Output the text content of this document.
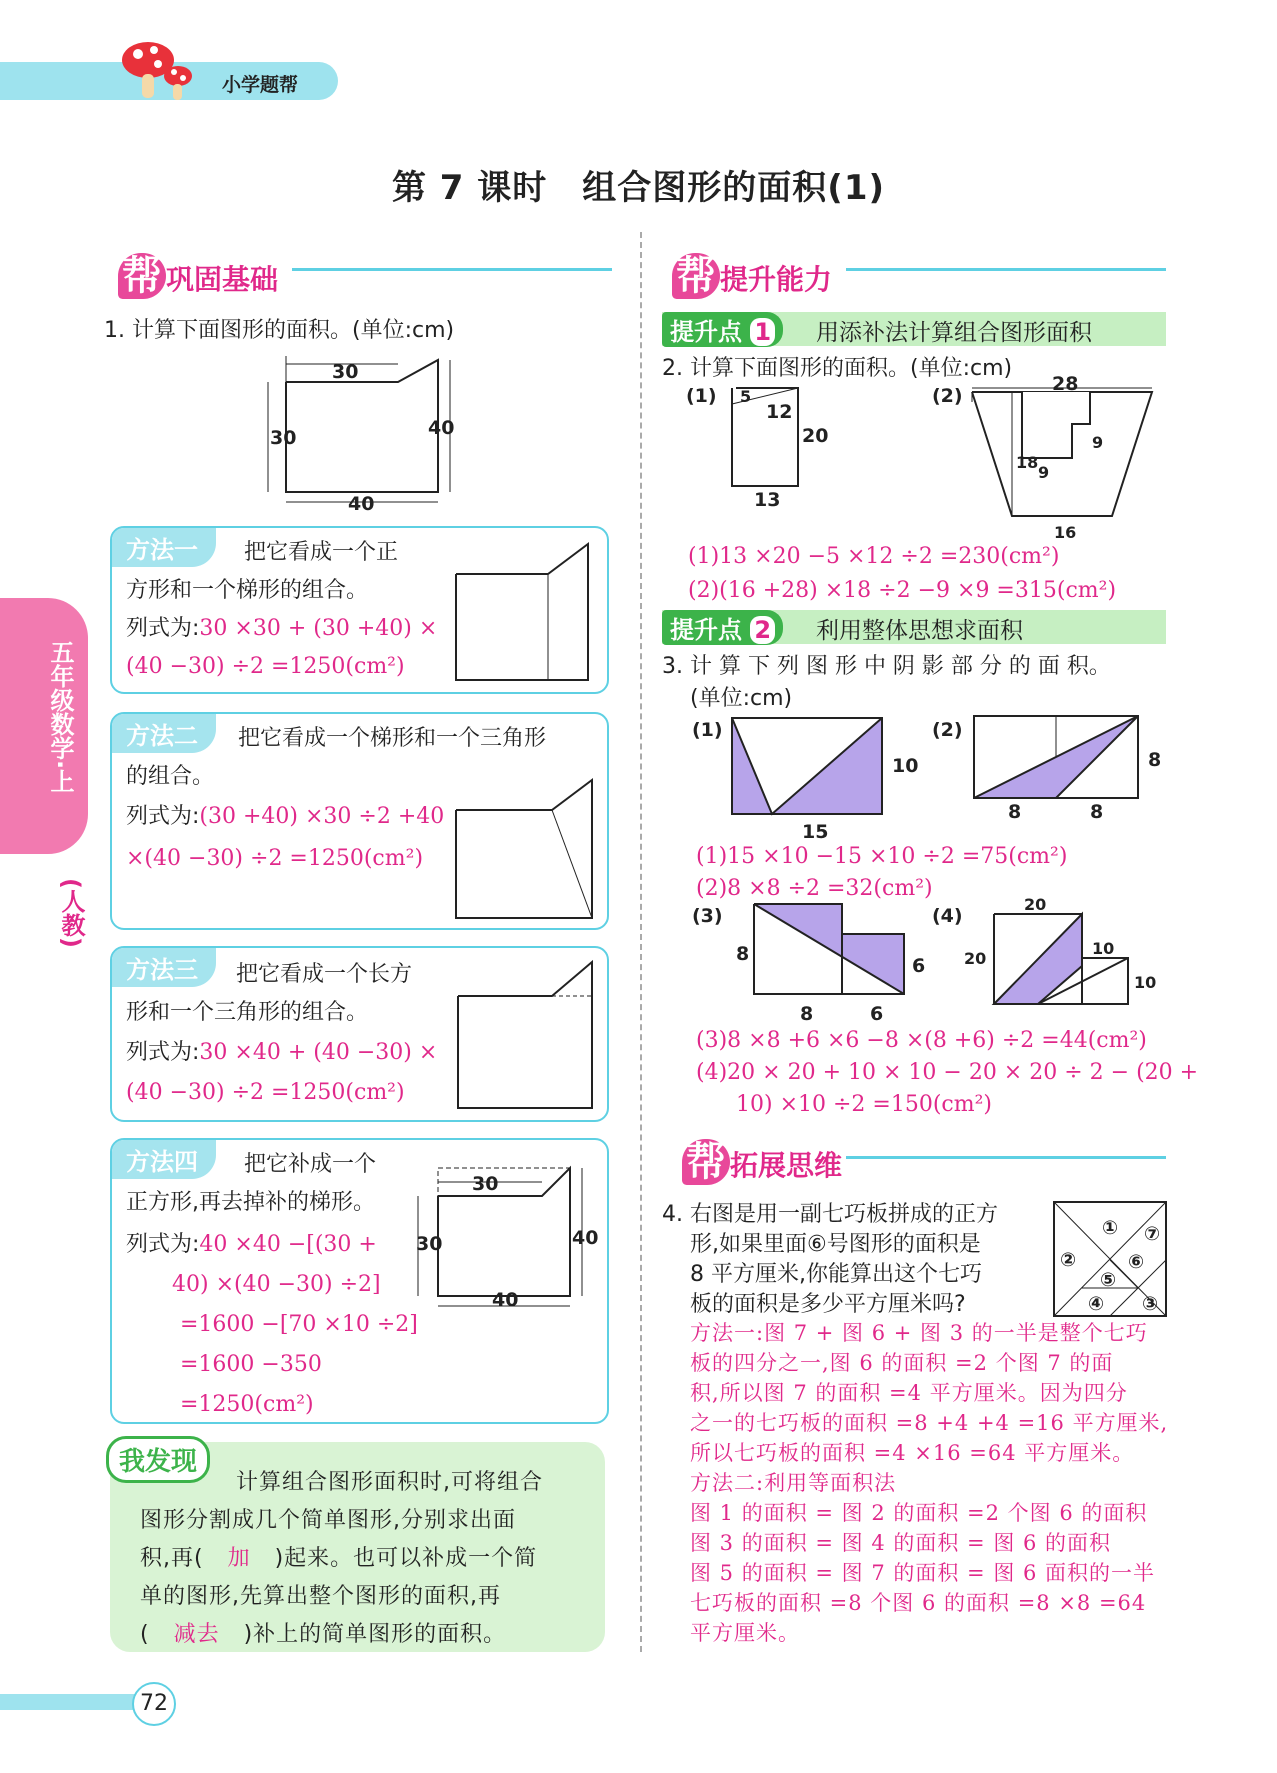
小学题帮
第 7 课时　组合图形的面积(1)
五年级数学·上
(人教)
帮 巩固基础
1. 计算下面图形的面积。(单位:cm)
30
30	40
40
方法一	把它看成一个正
方形和一个梯形的组合。
列式为:30 ×30 + (30 +40) ×
(40 −30) ÷2 =1250(cm²)
方法二	把它看成一个梯形和一个三角形
的组合。
列式为:(30 +40) ×30 ÷2 +40
×(40 −30) ÷2 =1250(cm²)
方法三	把它看成一个长方
形和一个三角形的组合。
列式为:30 ×40 + (40 −30) ×
(40 −30) ÷2 =1250(cm²)
方法四	把它补成一个
正方形,再去掉补的梯形。
列式为:40 ×40 −[(30 +
40) ×(40 −30) ÷2]
=1600 −[70 ×10 ÷2]
=1600 −350
=1250(cm²)
30
30	40
40
我发现
计算组合图形面积时,可将组合
图形分割成几个简单图形,分别求出面
积,再( 加 )起来。也可以补成一个简
单的图形,先算出整个图形的面积,再
( 减去 )补上的简单图形的面积。
帮 提升能力
提升点 1	用添补法计算组合图形面积
2. 计算下面图形的面积。(单位:cm)
(1) 5
12
20
13
(2)
28
18
9
9
16
(1)13 ×20 −5 ×12 ÷2 =230(cm²)
(2)(16 +28) ×18 ÷2 −9 ×9 =315(cm²)
提升点 2	利用整体思想求面积
3. 计 算 下 列 图 形 中 阴 影 部 分 的 面 积。
(单位:cm)
(1)
10
15
(2)
8
8	8
(1)15 ×10 −15 ×10 ÷2 =75(cm²)
(2)8 ×8 ÷2 =32(cm²)
(3)
8
6
8	6
(4)
20
20
10
10
(3)8 ×8 +6 ×6 −8 ×(8 +6) ÷2 =44(cm²)
(4)20 × 20 + 10 × 10 − 20 × 20 ÷ 2 − (20 +
10) ×10 ÷2 =150(cm²)
帮 拓展思维
4. 右图是用一副七巧板拼成的正方
形,如果里面⑥号图形的面积是
8 平方厘米,你能算出这个七巧
板的面积是多少平方厘米吗?
①
②
③
④
⑤
⑥
⑦
方法一:图 7 + 图 6 + 图 3 的一半是整个七巧
板的四分之一,图 6 的面积 =2 个图 7 的面
积,所以图 7 的面积 =4 平方厘米。因为四分
之一的七巧板的面积 =8 +4 +4 =16 平方厘米,
所以七巧板的面积 =4 ×16 =64 平方厘米。
方法二:利用等面积法
图 1 的面积 = 图 2 的面积 =2 个图 6 的面积
图 3 的面积 = 图 4 的面积 = 图 6 的面积
图 5 的面积 = 图 7 的面积 = 图 6 面积的一半
七巧板的面积 =8 个图 6 的面积 =8 ×8 =64
平方厘米。
72
